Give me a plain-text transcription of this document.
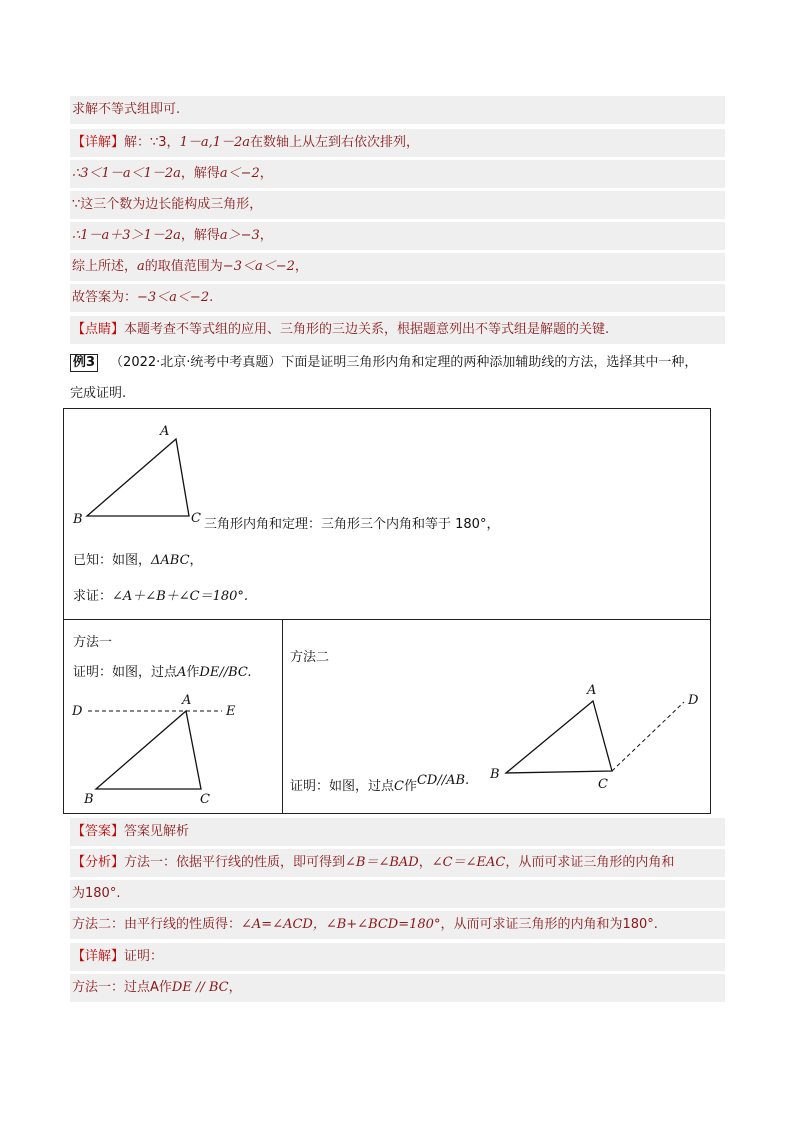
求解不等式组即可.
【详解】解：∵3，1－a,1－2a在数轴上从左到右依次排列，
∴3＜1－a＜1－2a，解得a＜−2，
∵这三个数为边长能构成三角形，
∴1－a＋3＞1－2a，解得a＞−3，
综上所述，a的取值范围为−3＜a＜−2，
故答案为：−3＜a＜−2.
【点睛】本题考查不等式组的应用、三角形的三边关系，根据题意列出不等式组是解题的关键.
例3 （2022·北京·统考中考真题）下面是证明三角形内角和定理的两种添加辅助线的方法，选择其中一种，
完成证明.
A
B	C 三角形内角和定理：三角形三个内角和等于 180°，
已知：如图，ΔABC，
求证：∠A＋∠B＋∠C＝180°.
方法一
证明：如图，过点A作DE//BC.
D	E
A
B	C
方法二
A
D
B
C
证明：如图，过点C作CD//AB.
【答案】答案见解析
【分析】方法一：依据平行线的性质，即可得到∠B＝∠BAD，∠C＝∠EAC，从而可求证三角形的内角和
为180°.
方法二：由平行线的性质得：∠A=∠ACD，∠B+∠BCD=180°，从而可求证三角形的内角和为180°.
【详解】证明：
方法一：过点A作DE // BC，
